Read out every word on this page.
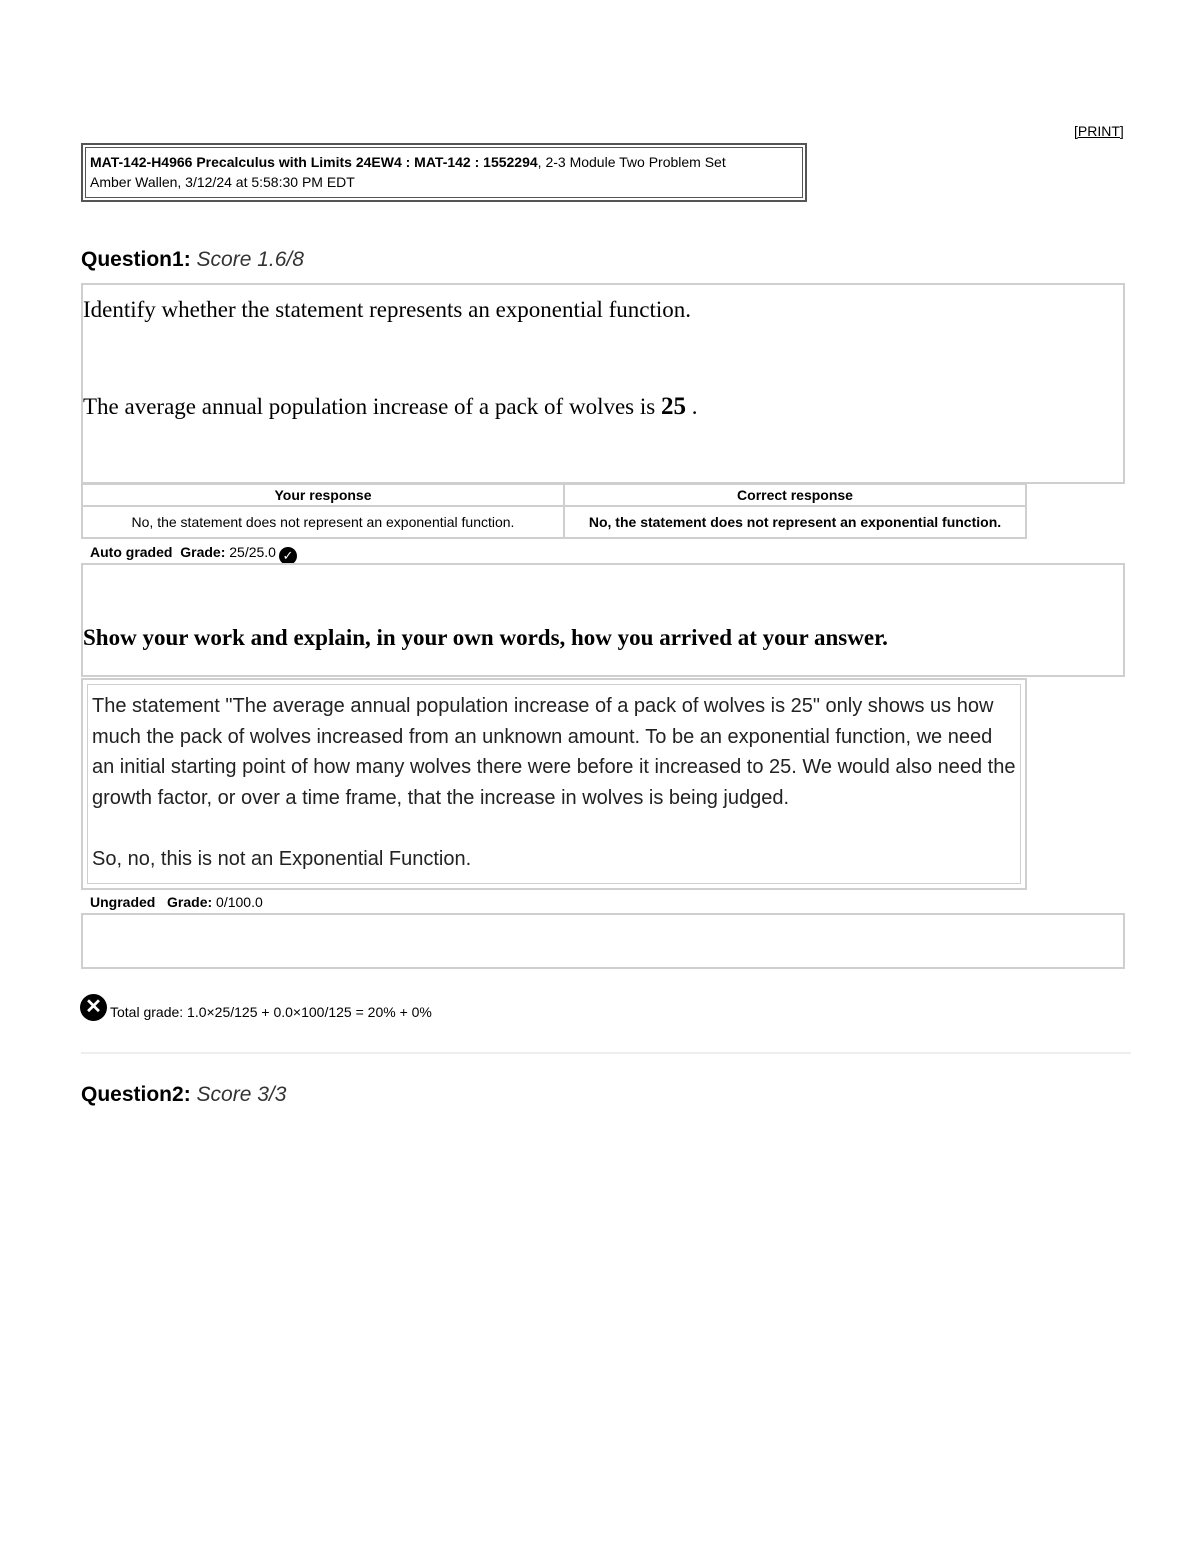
[PRINT]
MAT-142-H4966 Precalculus with Limits 24EW4 : MAT-142 : 1552294, 2-3 Module Two Problem Set
Amber Wallen, 3/12/24 at 5:58:30 PM EDT
Question1: Score 1.6/8
Identify whether the statement represents an exponential function.
The average annual population increase of a pack of wolves is 25 .
Your response	Correct response
No, the statement does not represent an exponential function.	No, the statement does not represent an exponential function.
Auto graded Grade: 25/25.0 ✓
Show your work and explain, in your own words, how you arrived at your answer.

The statement "The average annual population increase of a pack of wolves is 25" only shows us how much the pack of wolves increased from an unknown amount. To be an exponential function, we need an initial starting point of how many wolves there were before it increased to 25. We would also need the growth factor, or over a time frame, that the increase in wolves is being judged.

So, no, this is not an Exponential Function.

Ungraded Grade: 0/100.0
✕ Total grade: 1.0×25/125 + 0.0×100/125 = 20% + 0%
Question2: Score 3/3
